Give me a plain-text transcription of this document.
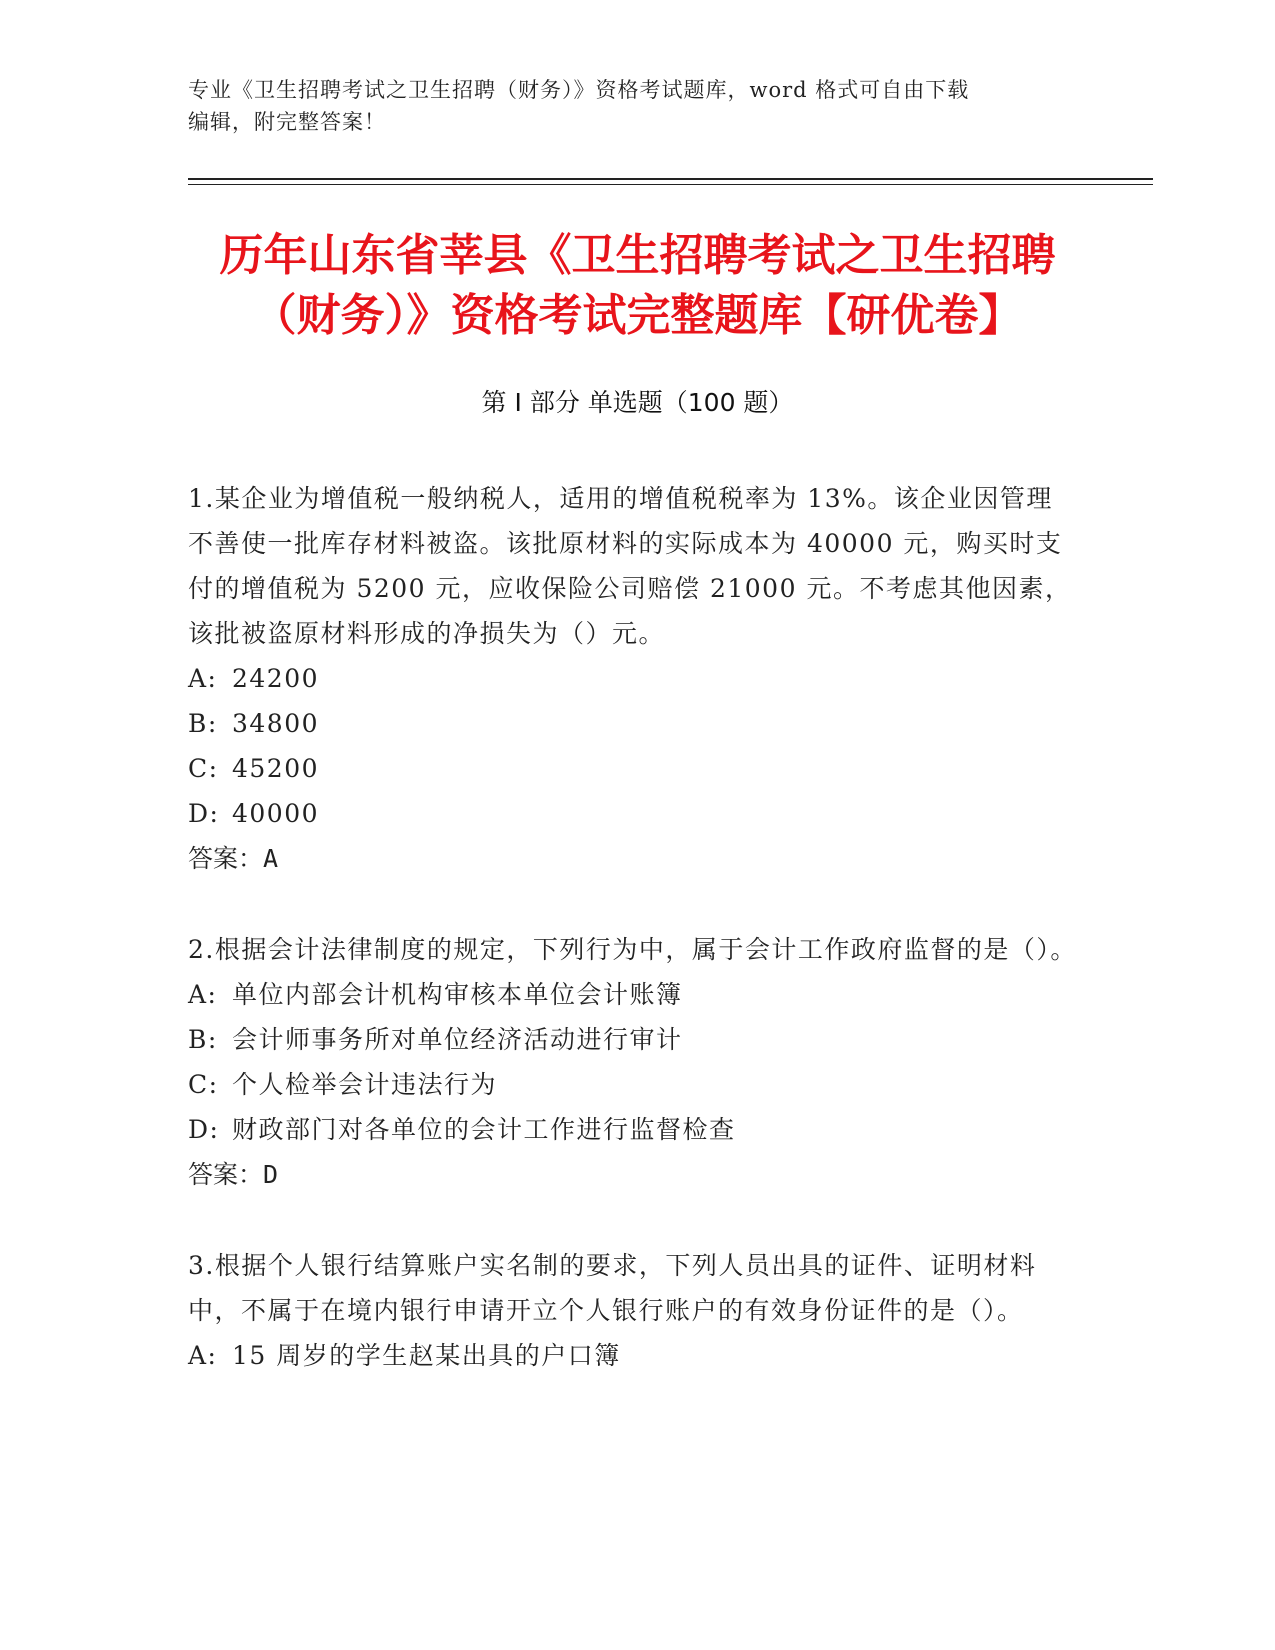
专业《卫生招聘考试之卫生招聘（财务）》资格考试题库，word 格式可自由下载
编辑，附完整答案！
历年山东省莘县《卫生招聘考试之卫生招聘
（财务）》资格考试完整题库【研优卷】
第 I 部分 单选题（100 题）

1.某企业为增值税一般纳税人，适用的增值税税率为 13%。该企业因管理不善使一批库存材料被盗。该批原材料的实际成本为 40000 元，购买时支付的增值税为 5200 元，应收保险公司赔偿 21000 元。不考虑其他因素，该批被盗原材料形成的净损失为（）元。

A: 24200

B: 34800

C: 45200

D: 40000

答案：A

2.根据会计法律制度的规定，下列行为中，属于会计工作政府监督的是（）。

A: 单位内部会计机构审核本单位会计账簿

B: 会计师事务所对单位经济活动进行审计

C: 个人检举会计违法行为

D: 财政部门对各单位的会计工作进行监督检查

答案：D

3.根据个人银行结算账户实名制的要求，下列人员出具的证件、证明材料中，不属于在境内银行申请开立个人银行账户的有效身份证件的是（）。

A: 15 周岁的学生赵某出具的户口簿
